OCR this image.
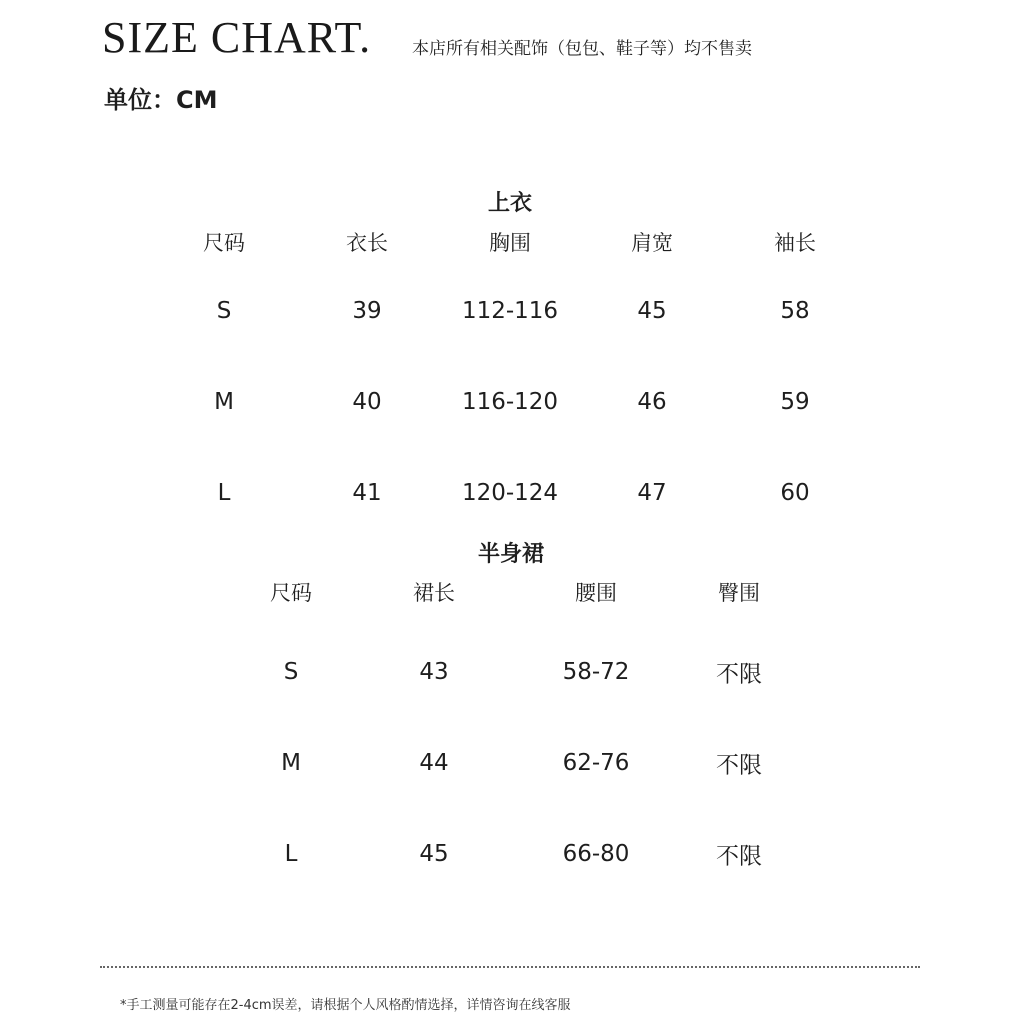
SIZE CHART. 本店所有相关配饰（包包、鞋子等）均不售卖
单位：CM
上衣
尺码	衣长	胸围	肩宽	袖长
S	39	112-116	45	58
M	40	116-120	46	59
L	41	120-124	47	60
半身裙
尺码	裙长	腰围	臀围
S	43	58-72	不限
M	44	62-76	不限
L	45	66-80	不限
*手工测量可能存在2-4cm误差，请根据个人风格酌情选择，详情咨询在线客服
